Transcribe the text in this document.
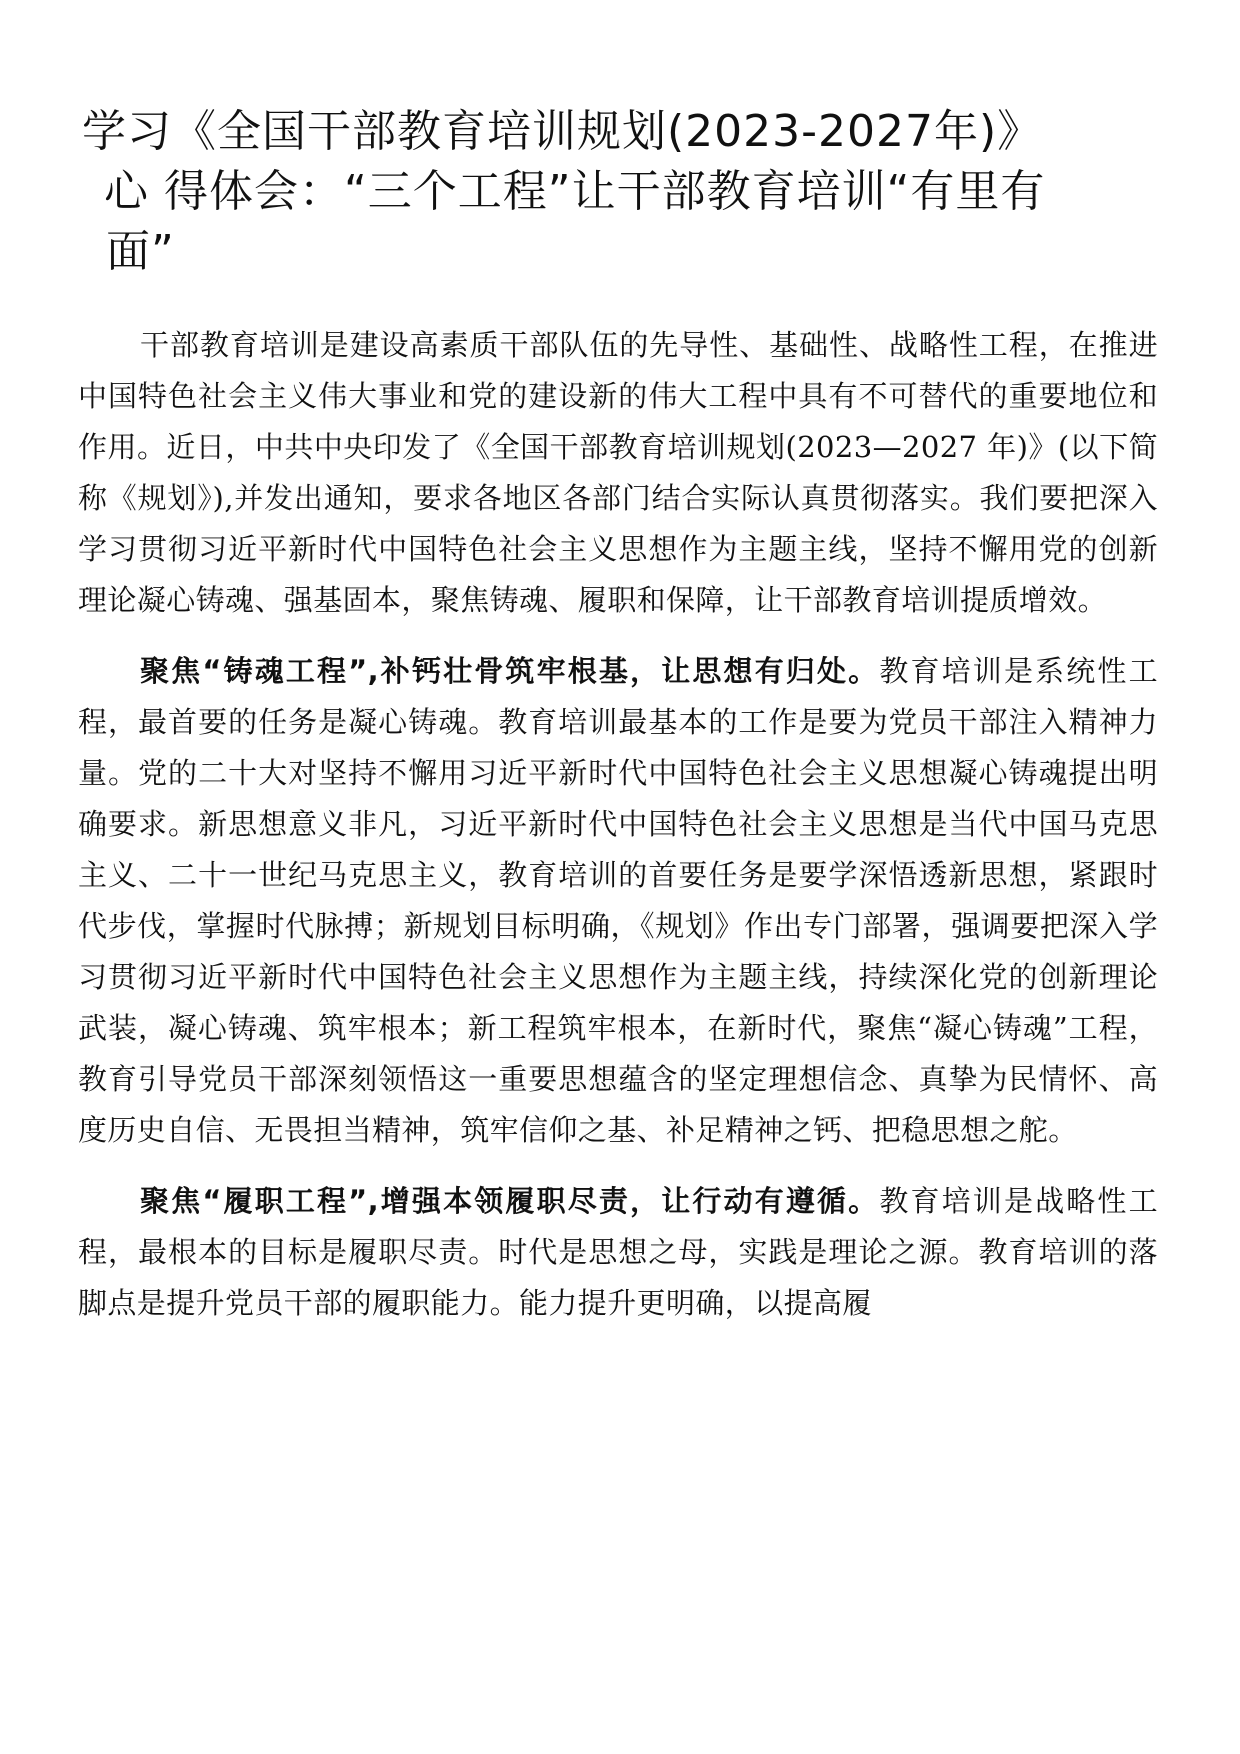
学习《全国干部教育培训规划(2023-2027年)》
心 得体会：“三个工程”让干部教育培训“有里有
面”

干部教育培训是建设高素质干部队伍的先导性、基础性、战略性工程，在推进中国特色社会主义伟大事业和党的建设新的伟大工程中具有不可替代的重要地位和作用。近日，中共中央印发了《全国干部教育培训规划(2023—2027 年)》(以下简称《规划》),并发出通知，要求各地区各部门结合实际认真贯彻落实。我们要把深入学习贯彻习近平新时代中国特色社会主义思想作为主题主线，坚持不懈用党的创新理论凝心铸魂、强基固本，聚焦铸魂、履职和保障，让干部教育培训提质增效。

聚焦“铸魂工程”,补钙壮骨筑牢根基，让思想有归处。教育培训是系统性工程，最首要的任务是凝心铸魂。教育培训最基本的工作是要为党员干部注入精神力量。党的二十大对坚持不懈用习近平新时代中国特色社会主义思想凝心铸魂提出明确要求。新思想意义非凡，习近平新时代中国特色社会主义思想是当代中国马克思主义、二十一世纪马克思主义，教育培训的首要任务是要学深悟透新思想，紧跟时代步伐，掌握时代脉搏；新规划目标明确，《规划》作出专门部署，强调要把深入学习贯彻习近平新时代中国特色社会主义思想作为主题主线，持续深化党的创新理论武装，凝心铸魂、筑牢根本；新工程筑牢根本，在新时代，聚焦“凝心铸魂”工程，教育引导党员干部深刻领悟这一重要思想蕴含的坚定理想信念、真挚为民情怀、高度历史自信、无畏担当精神，筑牢信仰之基、补足精神之钙、把稳思想之舵。

聚焦“履职工程”,增强本领履职尽责，让行动有遵循。教育培训是战略性工程，最根本的目标是履职尽责。时代是思想之母，实践是理论之源。教育培训的落脚点是提升党员干部的履职能力。能力提升更明确，以提高履
